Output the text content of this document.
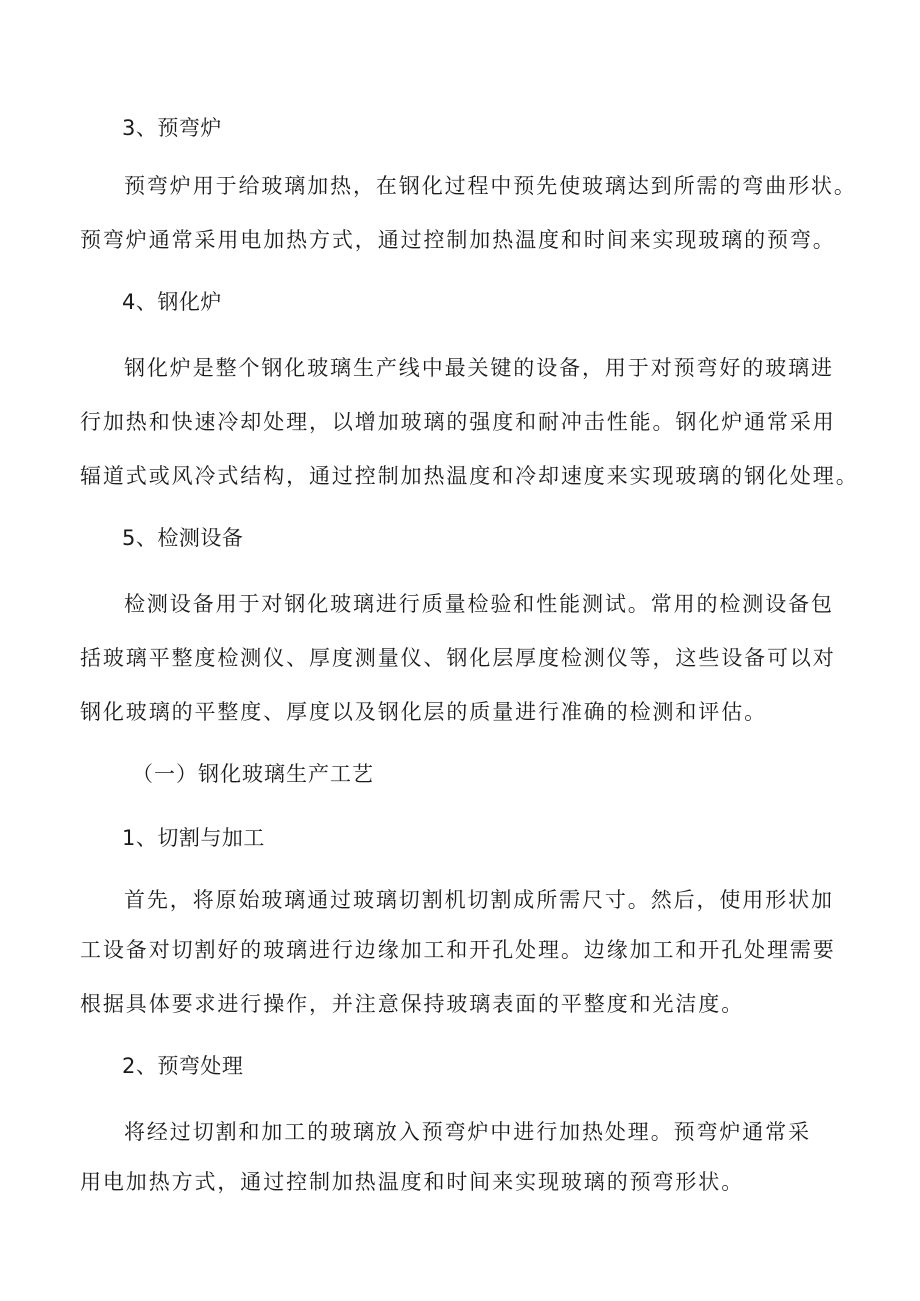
3、预弯炉

预弯炉用于给玻璃加热，在钢化过程中预先使玻璃达到所需的弯曲形状。

预弯炉通常采用电加热方式，通过控制加热温度和时间来实现玻璃的预弯。

4、钢化炉

钢化炉是整个钢化玻璃生产线中最关键的设备，用于对预弯好的玻璃进

行加热和快速冷却处理，以增加玻璃的强度和耐冲击性能。钢化炉通常采用

辐道式或风冷式结构，通过控制加热温度和冷却速度来实现玻璃的钢化处理。

5、检测设备

检测设备用于对钢化玻璃进行质量检验和性能测试。常用的检测设备包

括玻璃平整度检测仪、厚度测量仪、钢化层厚度检测仪等，这些设备可以对

钢化玻璃的平整度、厚度以及钢化层的质量进行准确的检测和评估。

（一）钢化玻璃生产工艺

1、切割与加工

首先，将原始玻璃通过玻璃切割机切割成所需尺寸。然后，使用形状加

工设备对切割好的玻璃进行边缘加工和开孔处理。边缘加工和开孔处理需要

根据具体要求进行操作，并注意保持玻璃表面的平整度和光洁度。

2、预弯处理

将经过切割和加工的玻璃放入预弯炉中进行加热处理。预弯炉通常采

用电加热方式，通过控制加热温度和时间来实现玻璃的预弯形状。
